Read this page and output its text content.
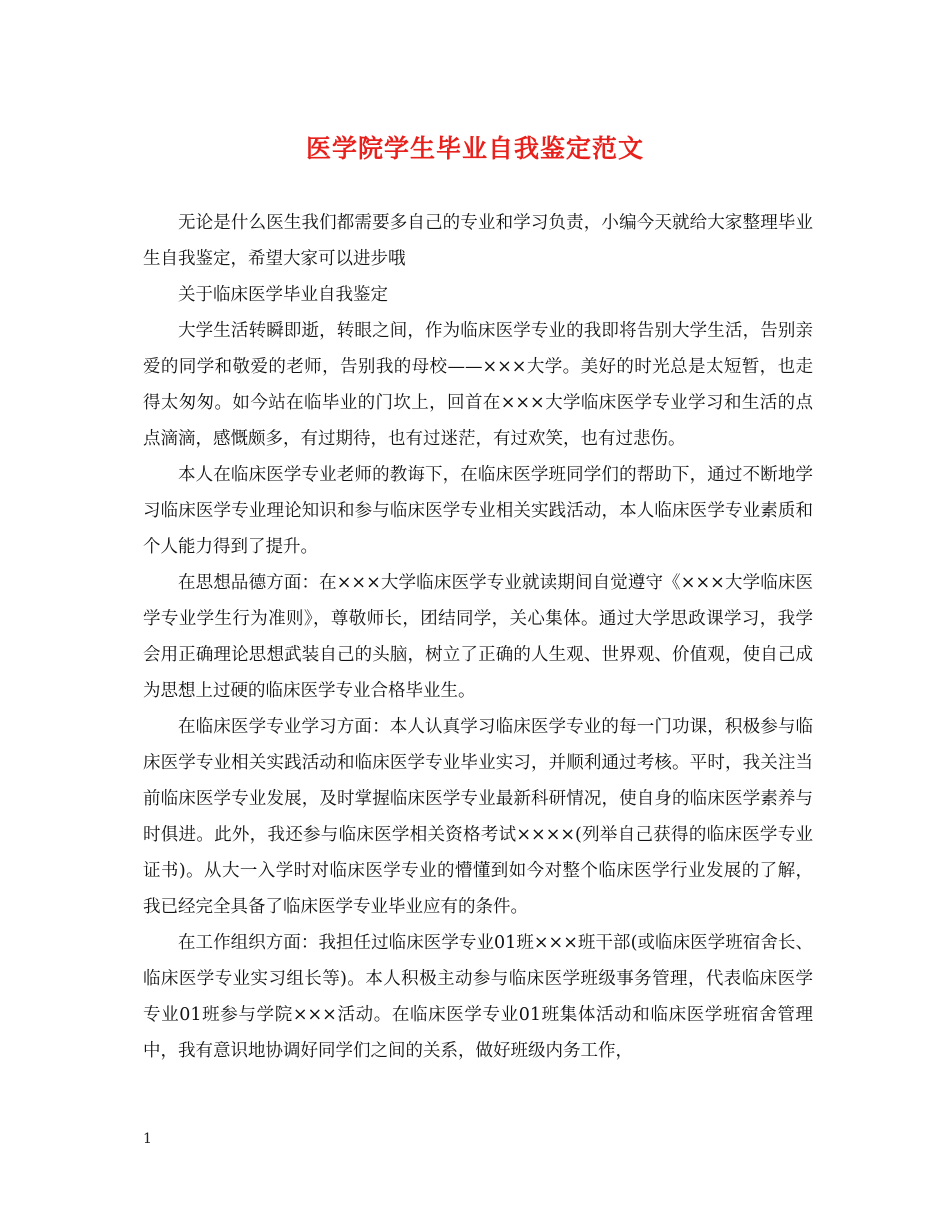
医学院学生毕业自我鉴定范文

无论是什么医生我们都需要多自己的专业和学习负责，小编今天就给大家整理毕业生自我鉴定，希望大家可以进步哦

关于临床医学毕业自我鉴定

大学生活转瞬即逝，转眼之间，作为临床医学专业的我即将告别大学生活，告别亲爱的同学和敬爱的老师，告别我的母校——×××大学。美好的时光总是太短暂，也走得太匆匆。如今站在临毕业的门坎上，回首在×××大学临床医学专业学习和生活的点点滴滴，感慨颇多，有过期待，也有过迷茫，有过欢笑，也有过悲伤。

本人在临床医学专业老师的教诲下，在临床医学班同学们的帮助下，通过不断地学习临床医学专业理论知识和参与临床医学专业相关实践活动，本人临床医学专业素质和个人能力得到了提升。

在思想品德方面：在×××大学临床医学专业就读期间自觉遵守《×××大学临床医学专业学生行为准则》，尊敬师长，团结同学，关心集体。通过大学思政课学习，我学会用正确理论思想武装自己的头脑，树立了正确的人生观、世界观、价值观，使自己成为思想上过硬的临床医学专业合格毕业生。

在临床医学专业学习方面：本人认真学习临床医学专业的每一门功课，积极参与临床医学专业相关实践活动和临床医学专业毕业实习，并顺利通过考核。平时，我关注当前临床医学专业发展，及时掌握临床医学专业最新科研情况，使自身的临床医学素养与时俱进。此外，我还参与临床医学相关资格考试××××(列举自己获得的临床医学专业证书)。从大一入学时对临床医学专业的懵懂到如今对整个临床医学行业发展的了解，我已经完全具备了临床医学专业毕业应有的条件。

在工作组织方面：我担任过临床医学专业01班×××班干部(或临床医学班宿舍长、临床医学专业实习组长等)。本人积极主动参与临床医学班级事务管理，代表临床医学专业01班参与学院×××活动。在临床医学专业01班集体活动和临床医学班宿舍管理中，我有意识地协调好同学们之间的关系，做好班级内务工作，

1
